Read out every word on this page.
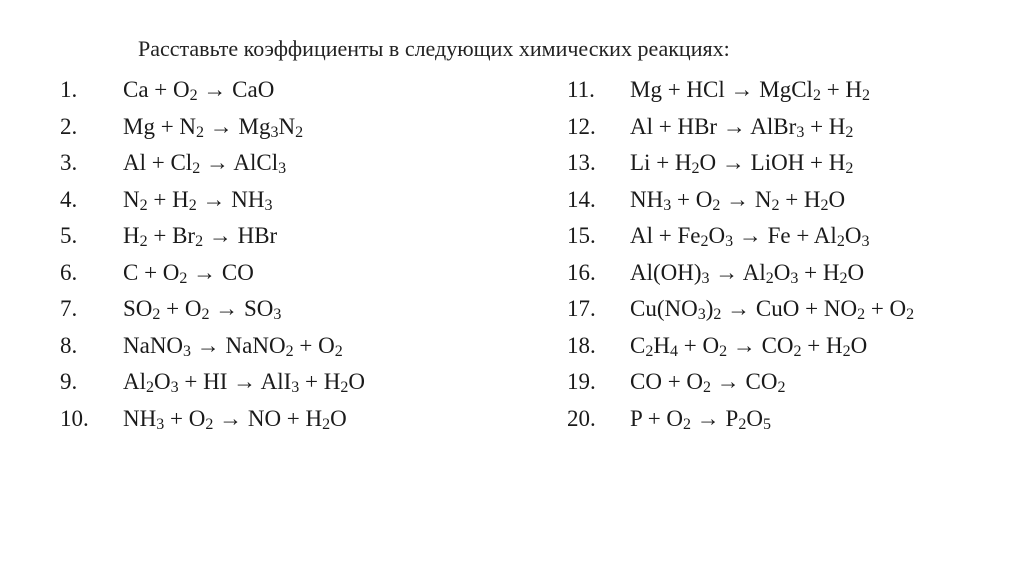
Расставьте коэффициенты в следующих химических реакциях:
1. $Ca + O_2$ → CaO
2. $Mg + N_2 \to Mg_3N_2$
3. $Al + Cl_2$ → AlCl$_3$
4. $N_2 + H_2 \to NH_3$
5. $H_2 + Br_2$ → HBr
6. $C + O_2$ → CO
7. $SO_2 + O_2 \to SO_3$
8. NaNO$_3$ → NaNO$_2$ + $O_2$
9. $Al_2O_3$ + HI → $AlI_3 + H_2O$
10. $NH_3 + O_2$ → NO + $H_2O$
11. Mg + HCl → MgCl$_2$ + $H_2$
12. Al + HBr → AlBr$_3$ + $H_2$
13. $Li + H_2O$ → LiOH + $H_2$
14. $NH_3 + O_2 \to N_2 + H_2O$
15. $Al + Fe_2O_3 \to Fe + Al_2O_3$
16. $Al(OH)_3 \to Al_2O_3 + H_2O$
17. $Cu(NO_3)_2$ → CuO + $NO_2 + O_2$
18. $C_2H_4 + O_2 \to CO_2 + H_2O$
19. CO + $O_2 \to CO_2$
20. $P + O_2 \to P_2O_5$
